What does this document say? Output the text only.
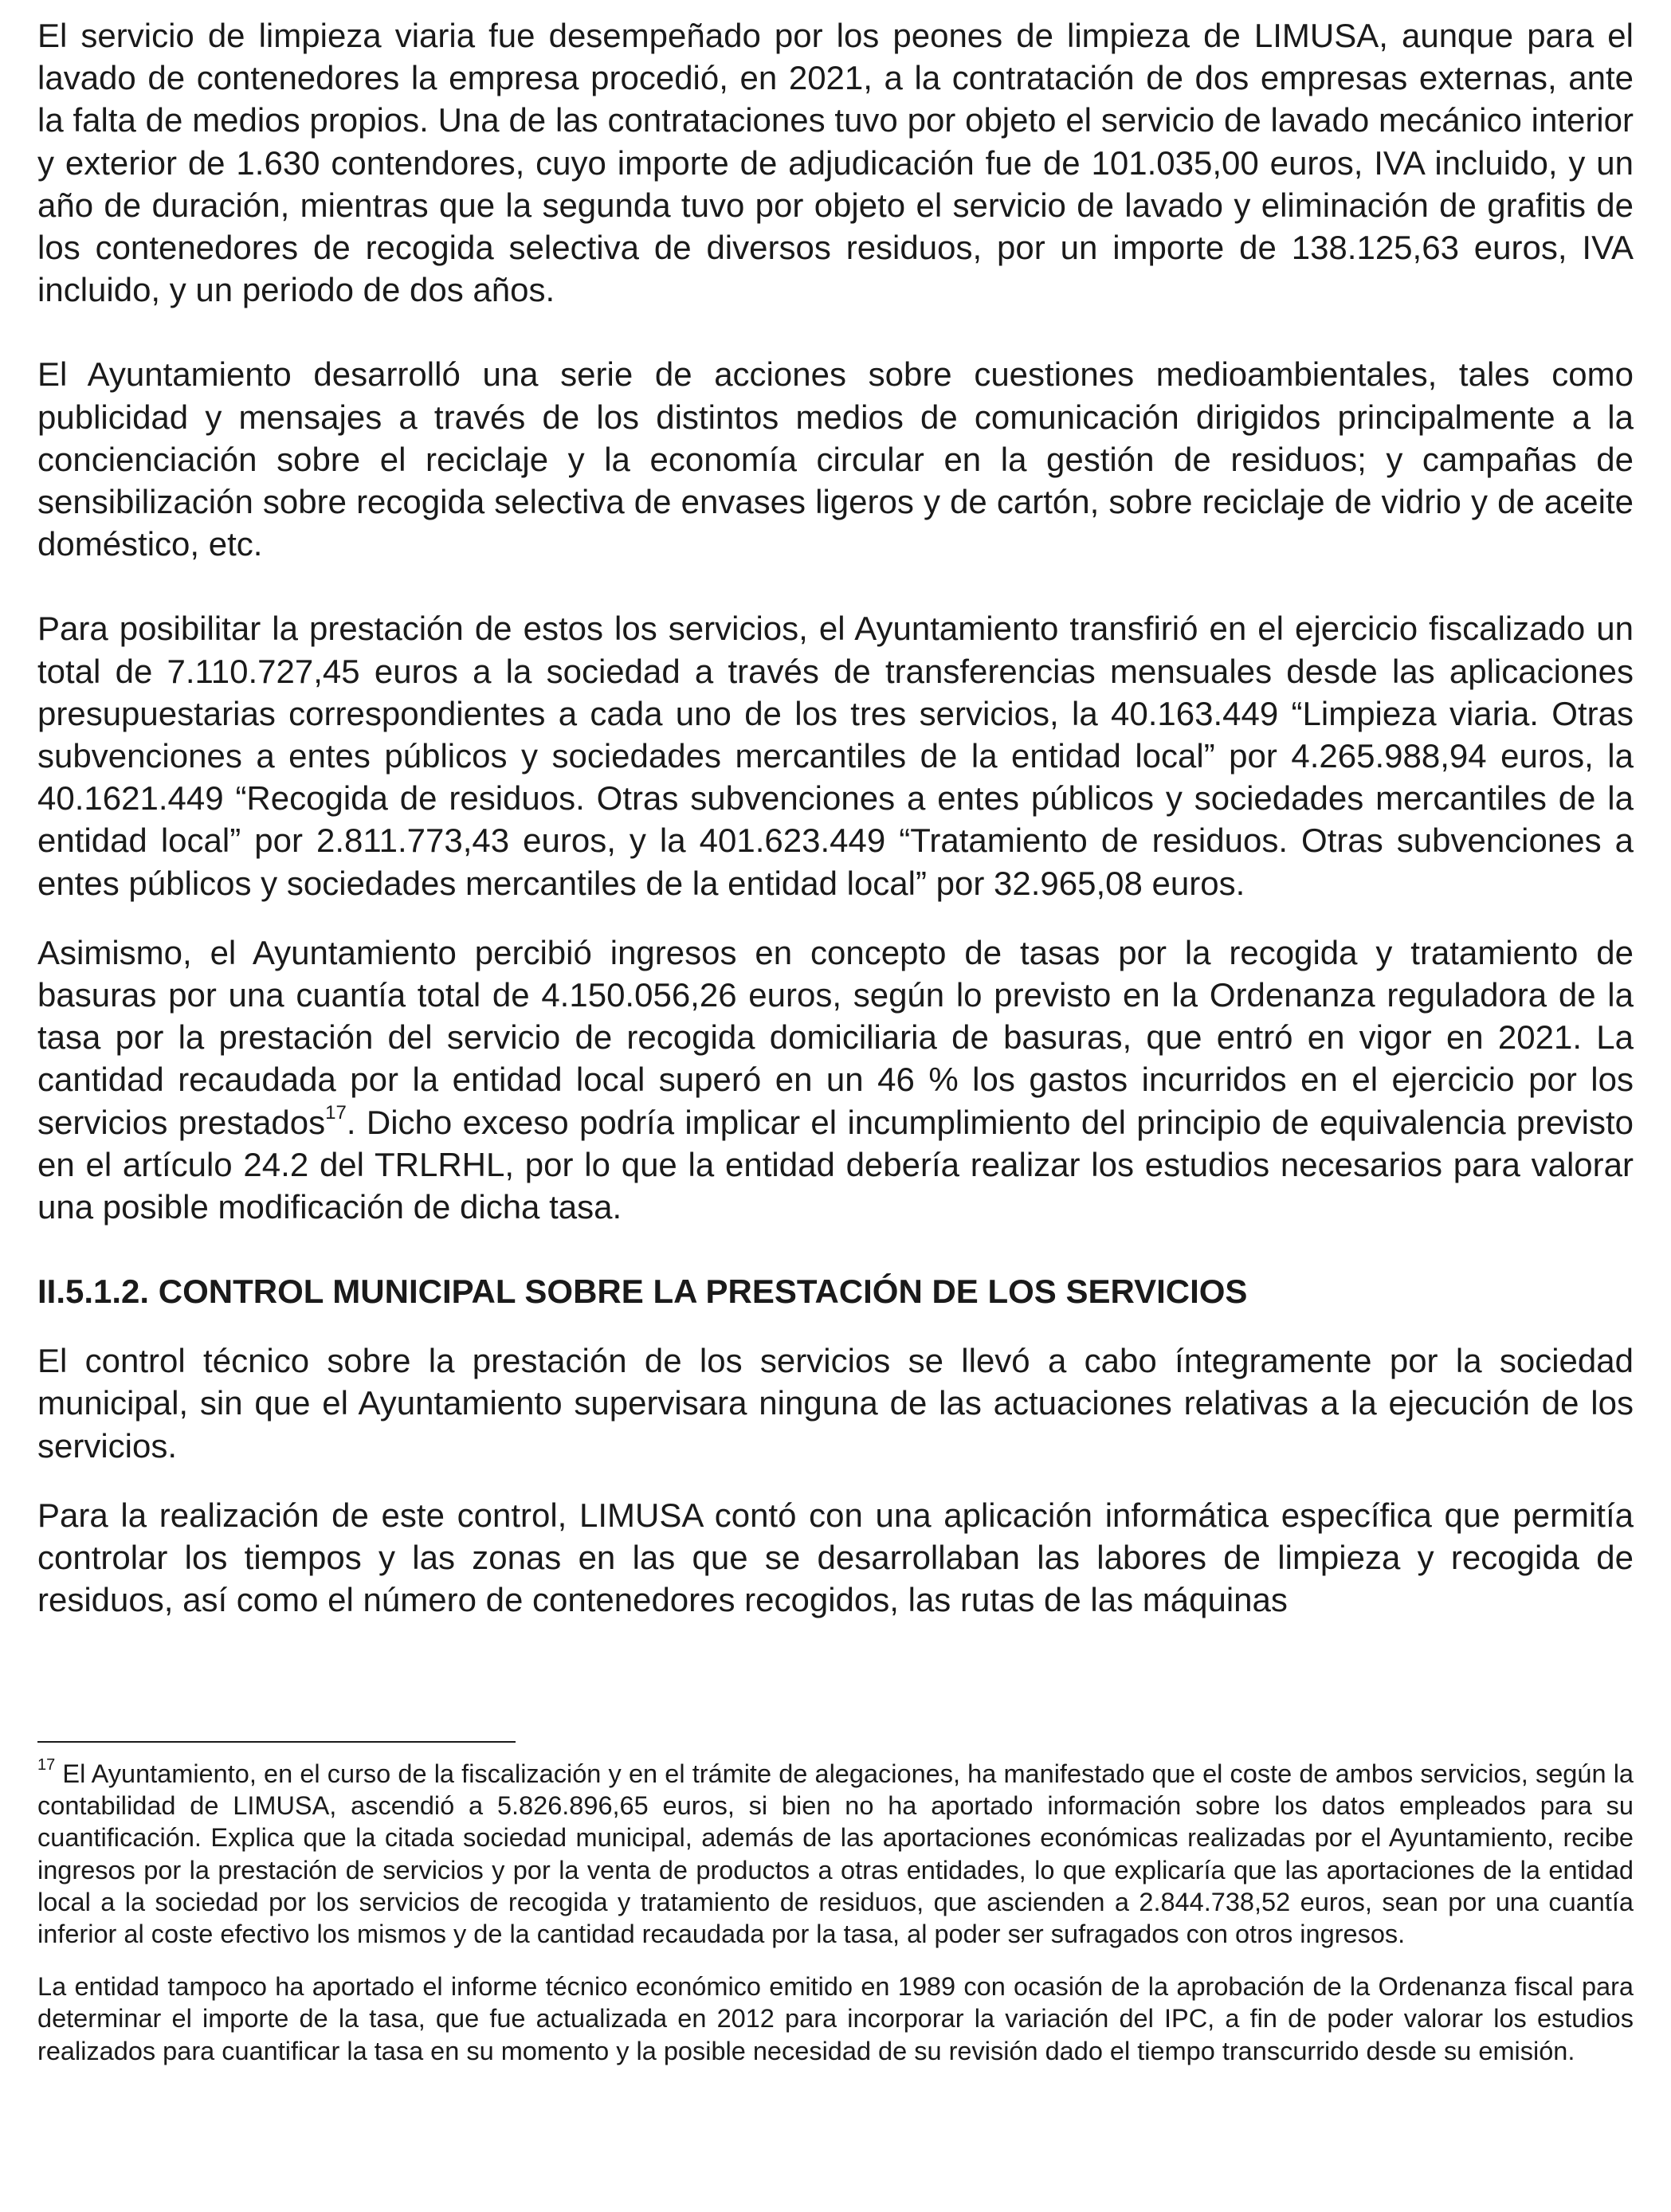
El servicio de limpieza viaria fue desempeñado por los peones de limpieza de LIMUSA, aunque para el lavado de contenedores la empresa procedió, en 2021, a la contratación de dos empresas externas, ante la falta de medios propios. Una de las contrataciones tuvo por objeto el servicio de lavado mecánico interior y exterior de 1.630 contendores, cuyo importe de adjudicación fue de 101.035,00 euros, IVA incluido, y un año de duración, mientras que la segunda tuvo por objeto el servicio de lavado y eliminación de grafitis de los contenedores de recogida selectiva de diversos residuos, por un importe de 138.125,63 euros, IVA incluido, y un periodo de dos años.

El Ayuntamiento desarrolló una serie de acciones sobre cuestiones medioambientales, tales como publicidad y mensajes a través de los distintos medios de comunicación dirigidos principalmente a la concienciación sobre el reciclaje y la economía circular en la gestión de residuos; y campañas de sensibilización sobre recogida selectiva de envases ligeros y de cartón, sobre reciclaje de vidrio y de aceite doméstico, etc.

Para posibilitar la prestación de estos los servicios, el Ayuntamiento transfirió en el ejercicio fiscalizado un total de 7.110.727,45 euros a la sociedad a través de transferencias mensuales desde las aplicaciones presupuestarias correspondientes a cada uno de los tres servicios, la 40.163.449 “Limpieza viaria. Otras subvenciones a entes públicos y sociedades mercantiles de la entidad local” por 4.265.988,94 euros, la 40.1621.449 “Recogida de residuos. Otras subvenciones a entes públicos y sociedades mercantiles de la entidad local” por 2.811.773,43 euros, y la 401.623.449 “Tratamiento de residuos. Otras subvenciones a entes públicos y sociedades mercantiles de la entidad local” por 32.965,08 euros.

Asimismo, el Ayuntamiento percibió ingresos en concepto de tasas por la recogida y tratamiento de basuras por una cuantía total de 4.150.056,26 euros, según lo previsto en la Ordenanza reguladora de la tasa por la prestación del servicio de recogida domiciliaria de basuras, que entró en vigor en 2021. La cantidad recaudada por la entidad local superó en un 46 % los gastos incurridos en el ejercicio por los servicios prestados$^{17}$. Dicho exceso podría implicar el incumplimiento del principio de equivalencia previsto en el artículo 24.2 del TRLRHL, por lo que la entidad debería realizar los estudios necesarios para valorar una posible modificación de dicha tasa.

II.5.1.2. CONTROL MUNICIPAL SOBRE LA PRESTACIÓN DE LOS SERVICIOS

El control técnico sobre la prestación de los servicios se llevó a cabo íntegramente por la sociedad municipal, sin que el Ayuntamiento supervisara ninguna de las actuaciones relativas a la ejecución de los servicios.

Para la realización de este control, LIMUSA contó con una aplicación informática específica que permitía controlar los tiempos y las zonas en las que se desarrollaban las labores de limpieza y recogida de residuos, así como el número de contenedores recogidos, las rutas de las máquinas

$^{17}$ El Ayuntamiento, en el curso de la fiscalización y en el trámite de alegaciones, ha manifestado que el coste de ambos servicios, según la contabilidad de LIMUSA, ascendió a 5.826.896,65 euros, si bien no ha aportado información sobre los datos empleados para su cuantificación. Explica que la citada sociedad municipal, además de las aportaciones económicas realizadas por el Ayuntamiento, recibe ingresos por la prestación de servicios y por la venta de productos a otras entidades, lo que explicaría que las aportaciones de la entidad local a la sociedad por los servicios de recogida y tratamiento de residuos, que ascienden a 2.844.738,52 euros, sean por una cuantía inferior al coste efectivo los mismos y de la cantidad recaudada por la tasa, al poder ser sufragados con otros ingresos.

La entidad tampoco ha aportado el informe técnico económico emitido en 1989 con ocasión de la aprobación de la Ordenanza fiscal para determinar el importe de la tasa, que fue actualizada en 2012 para incorporar la variación del IPC, a fin de poder valorar los estudios realizados para cuantificar la tasa en su momento y la posible necesidad de su revisión dado el tiempo transcurrido desde su emisión.
